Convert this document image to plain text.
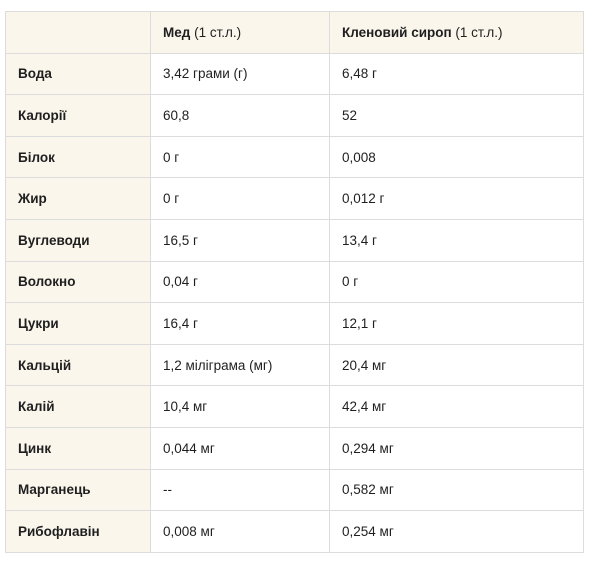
	Мед (1 ст.л.)	Кленовий сироп (1 ст.л.)
Вода	3,42 грами (г)	6,48 г
Калорії	60,8	52
Білок	0 г	0,008
Жир	0 г	0,012 г
Вуглеводи	16,5 г	13,4 г
Волокно	0,04 г	0 г
Цукри	16,4 г	12,1 г
Кальцій	1,2 міліграма (мг)	20,4 мг
Калій	10,4 мг	42,4 мг
Цинк	0,044 мг	0,294 мг
Марганець	--	0,582 мг
Рибофлавін	0,008 мг	0,254 мг
